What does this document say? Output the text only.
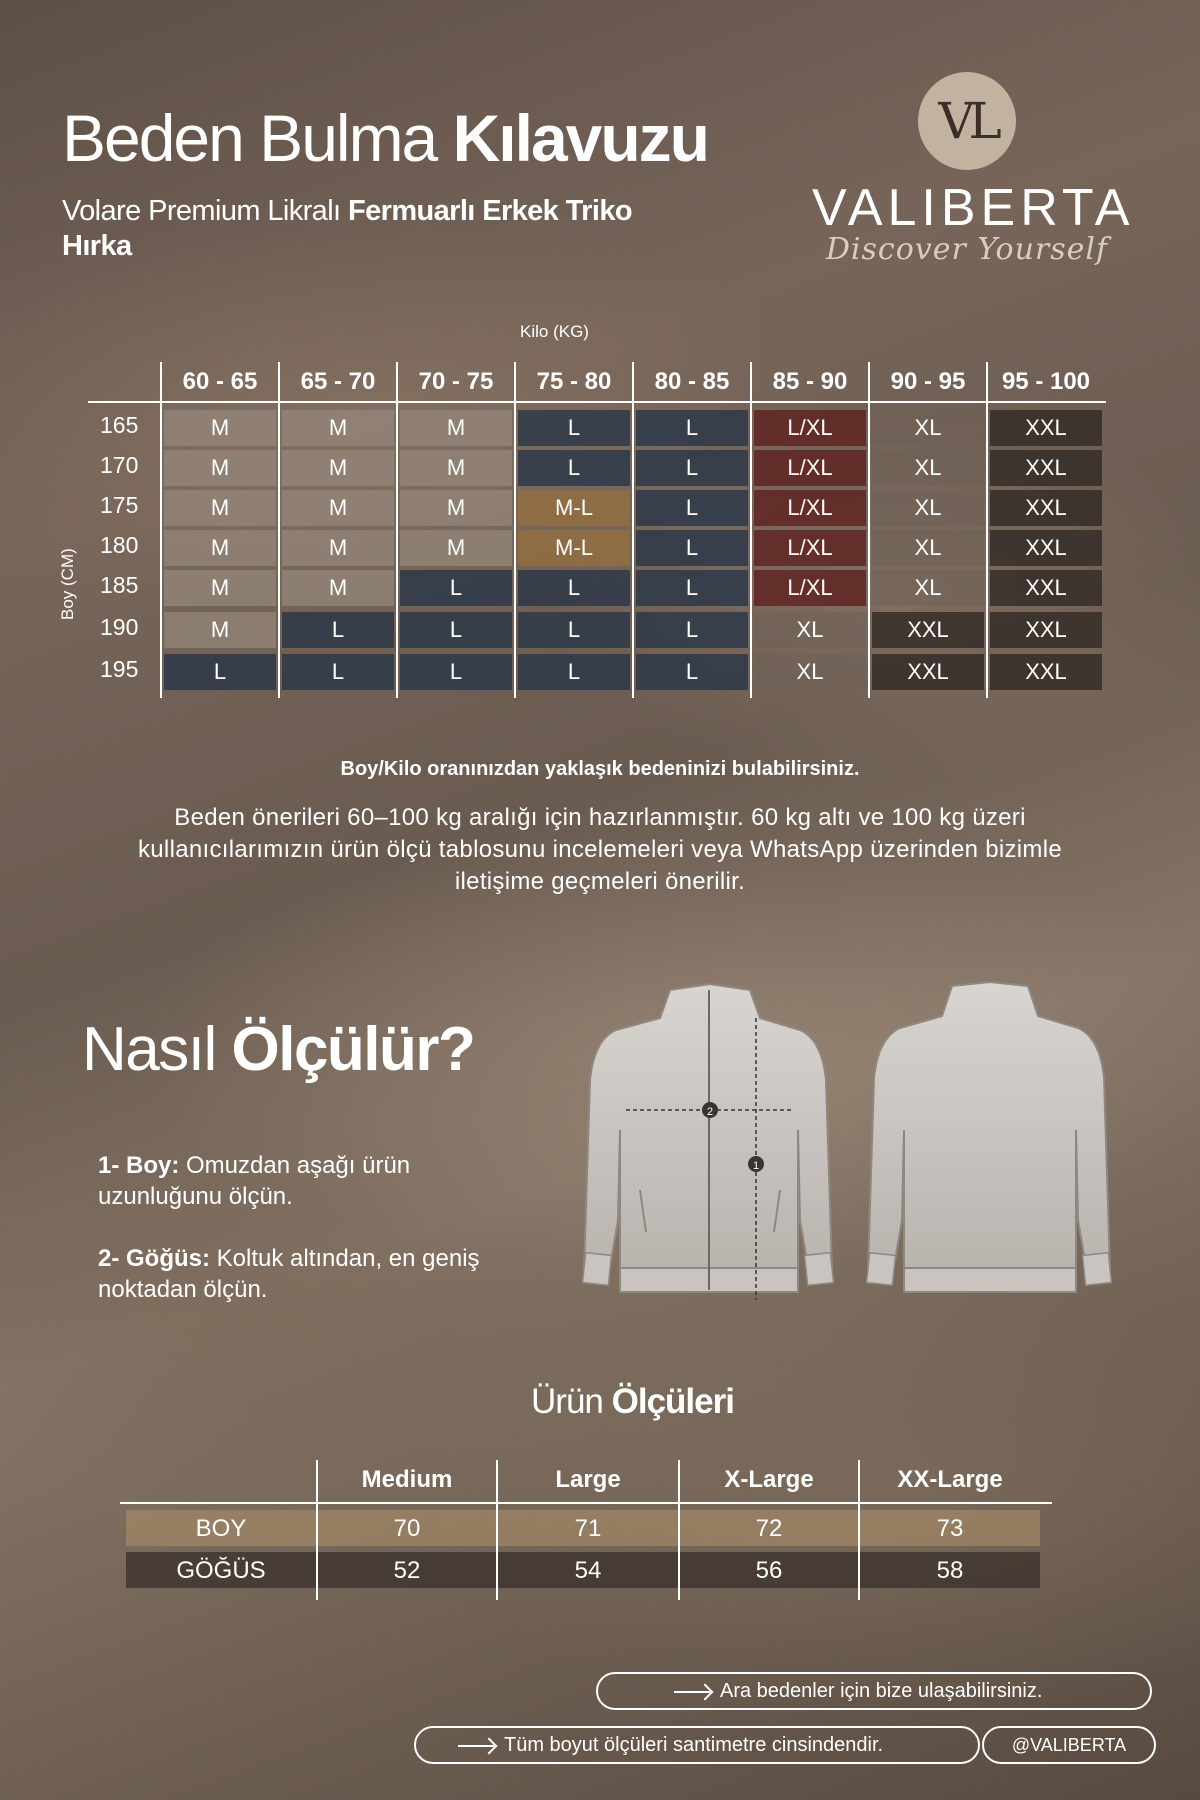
Beden Bulma Kılavuzu
Volare Premium Likralı Fermuarlı Erkek Triko Hırka
VL
VALIBERTA
Discover Yourself
Kilo (KG)
Boy (CM)
60 - 65	65 - 70	70 - 75	75 - 80	80 - 85	85 - 90	90 - 95	95 - 100
165	M	M	M	L	L	L/XL	XL	XXL
170	M	M	M	L	L	L/XL	XL	XXL
175	M	M	M	M-L	L	L/XL	XL	XXL
180	M	M	M	M-L	L	L/XL	XL	XXL
185	M	M	L	L	L	L/XL	XL	XXL
190	M	L	L	L	L	XL	XXL	XXL
195	L	L	L	L	L	XL	XXL	XXL
Boy/Kilo oranınızdan yaklaşık bedeninizi bulabilirsiniz.
Beden önerileri 60–100 kg aralığı için hazırlanmıştır. 60 kg altı ve 100 kg üzeri kullanıcılarımızın ürün ölçü tablosunu incelemeleri veya WhatsApp üzerinden bizimle iletişime geçmeleri önerilir.
Nasıl Ölçülür?
1- Boy: Omuzdan aşağı ürün uzunluğunu ölçün.
2- Göğüs: Koltuk altından, en geniş noktadan ölçün.
2
1
Ürün Ölçüleri
Medium	Large	X-Large	XX-Large
BOY	70	71	72	73
GÖĞÜS	52	54	56	58
Ara bedenler için bize ulaşabilirsiniz.
Tüm boyut ölçüleri santimetre cinsindendir.	@VALIBERTA
